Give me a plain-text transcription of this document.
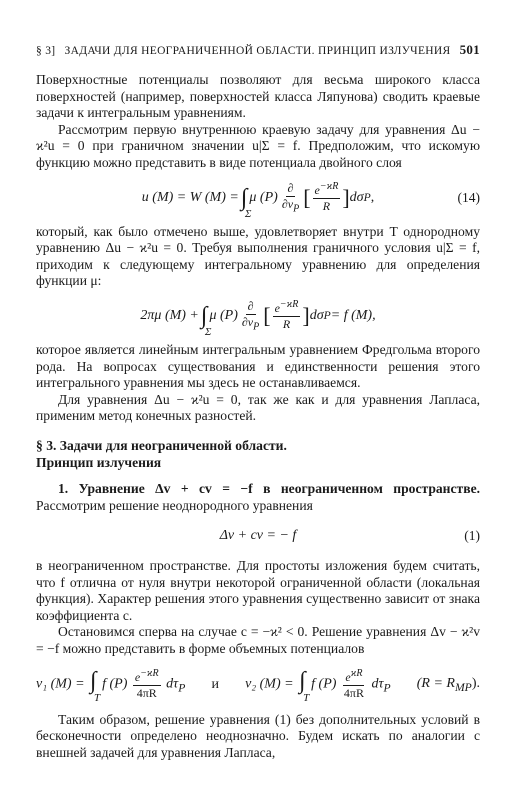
§ 3] ЗАДАЧИ ДЛЯ НЕОГРАНИЧЕННОЙ ОБЛАСТИ. ПРИНЦИП ИЗЛУЧЕНИЯ 501

Поверхностные потенциалы позволяют для весьма широкого класса поверхностей (например, поверхностей класса Ляпунова) сводить краевые задачи к интегральным уравнениям.

Рассмотрим первую внутреннюю краевую задачу для уравнения Δu − ϰ²u = 0 при граничном значении u|Σ = f. Предположим, что искомую функцию можно представить в виде потенциала двойного слоя

u (M) = W (M) = ∫
Σ
μ $(P) \frac{\partial}{\partial\nu_P}$ [ $\frac{e^{-ϰR}}{R}$ ] dσ P ,	(14)

который, как было отмечено выше, удовлетворяет внутри T однородному уравнению Δu − ϰ²u = 0. Требуя выполнения граничного условия u|Σ = f, приходим к следующему интегральному уравнению для определения функции μ:

2πμ (M) + ∫
Σ
μ $(P) \frac{\partial}{\partial\nu_P}$ [ $\frac{e^{-ϰR}}{R}$ ] dσ P = f (M),

которое является линейным интегральным уравнением Фредгольма второго рода. На вопросах существования и единственности решения этого интегрального уравнения мы здесь не останавливаемся.

Для уравнения Δu − ϰ²u = 0, так же как и для уравнения Лапласа, применим метод конечных разностей.

§ 3. Задачи для неограниченной области.
Принцип излучения

1. Уравнение Δv + cv = −f в неограниченном пространстве. Рассмотрим решение неоднородного уравнения

Δv + cv = − f	(1)

в неограниченном пространстве. Для простоты изложения будем считать, что f отлична от нуля внутри некоторой ограниченной области (локальная функция). Характер решения этого уравнения существенно зависит от знака коэффициента c.

Остановимся сперва на случае c = −ϰ² < 0. Решение уравнения Δv − ϰ²v = −f можно представить в форме объемных потенциалов

v₁ (M) = ∫
T
f $(P) \frac{e^{-ϰR}}{4\pi R} d\tau_P$ и v₂ (M) = ∫
T
f $(P) \frac{e^{ϰR}}{4\pi R} d\tau_P$ $(R = R_{MP})$.

Таким образом, решение уравнения (1) без дополнительных условий в бесконечности определено неоднозначно. Будем искать по аналогии с внешней задачей для уравнения Лапласа,
